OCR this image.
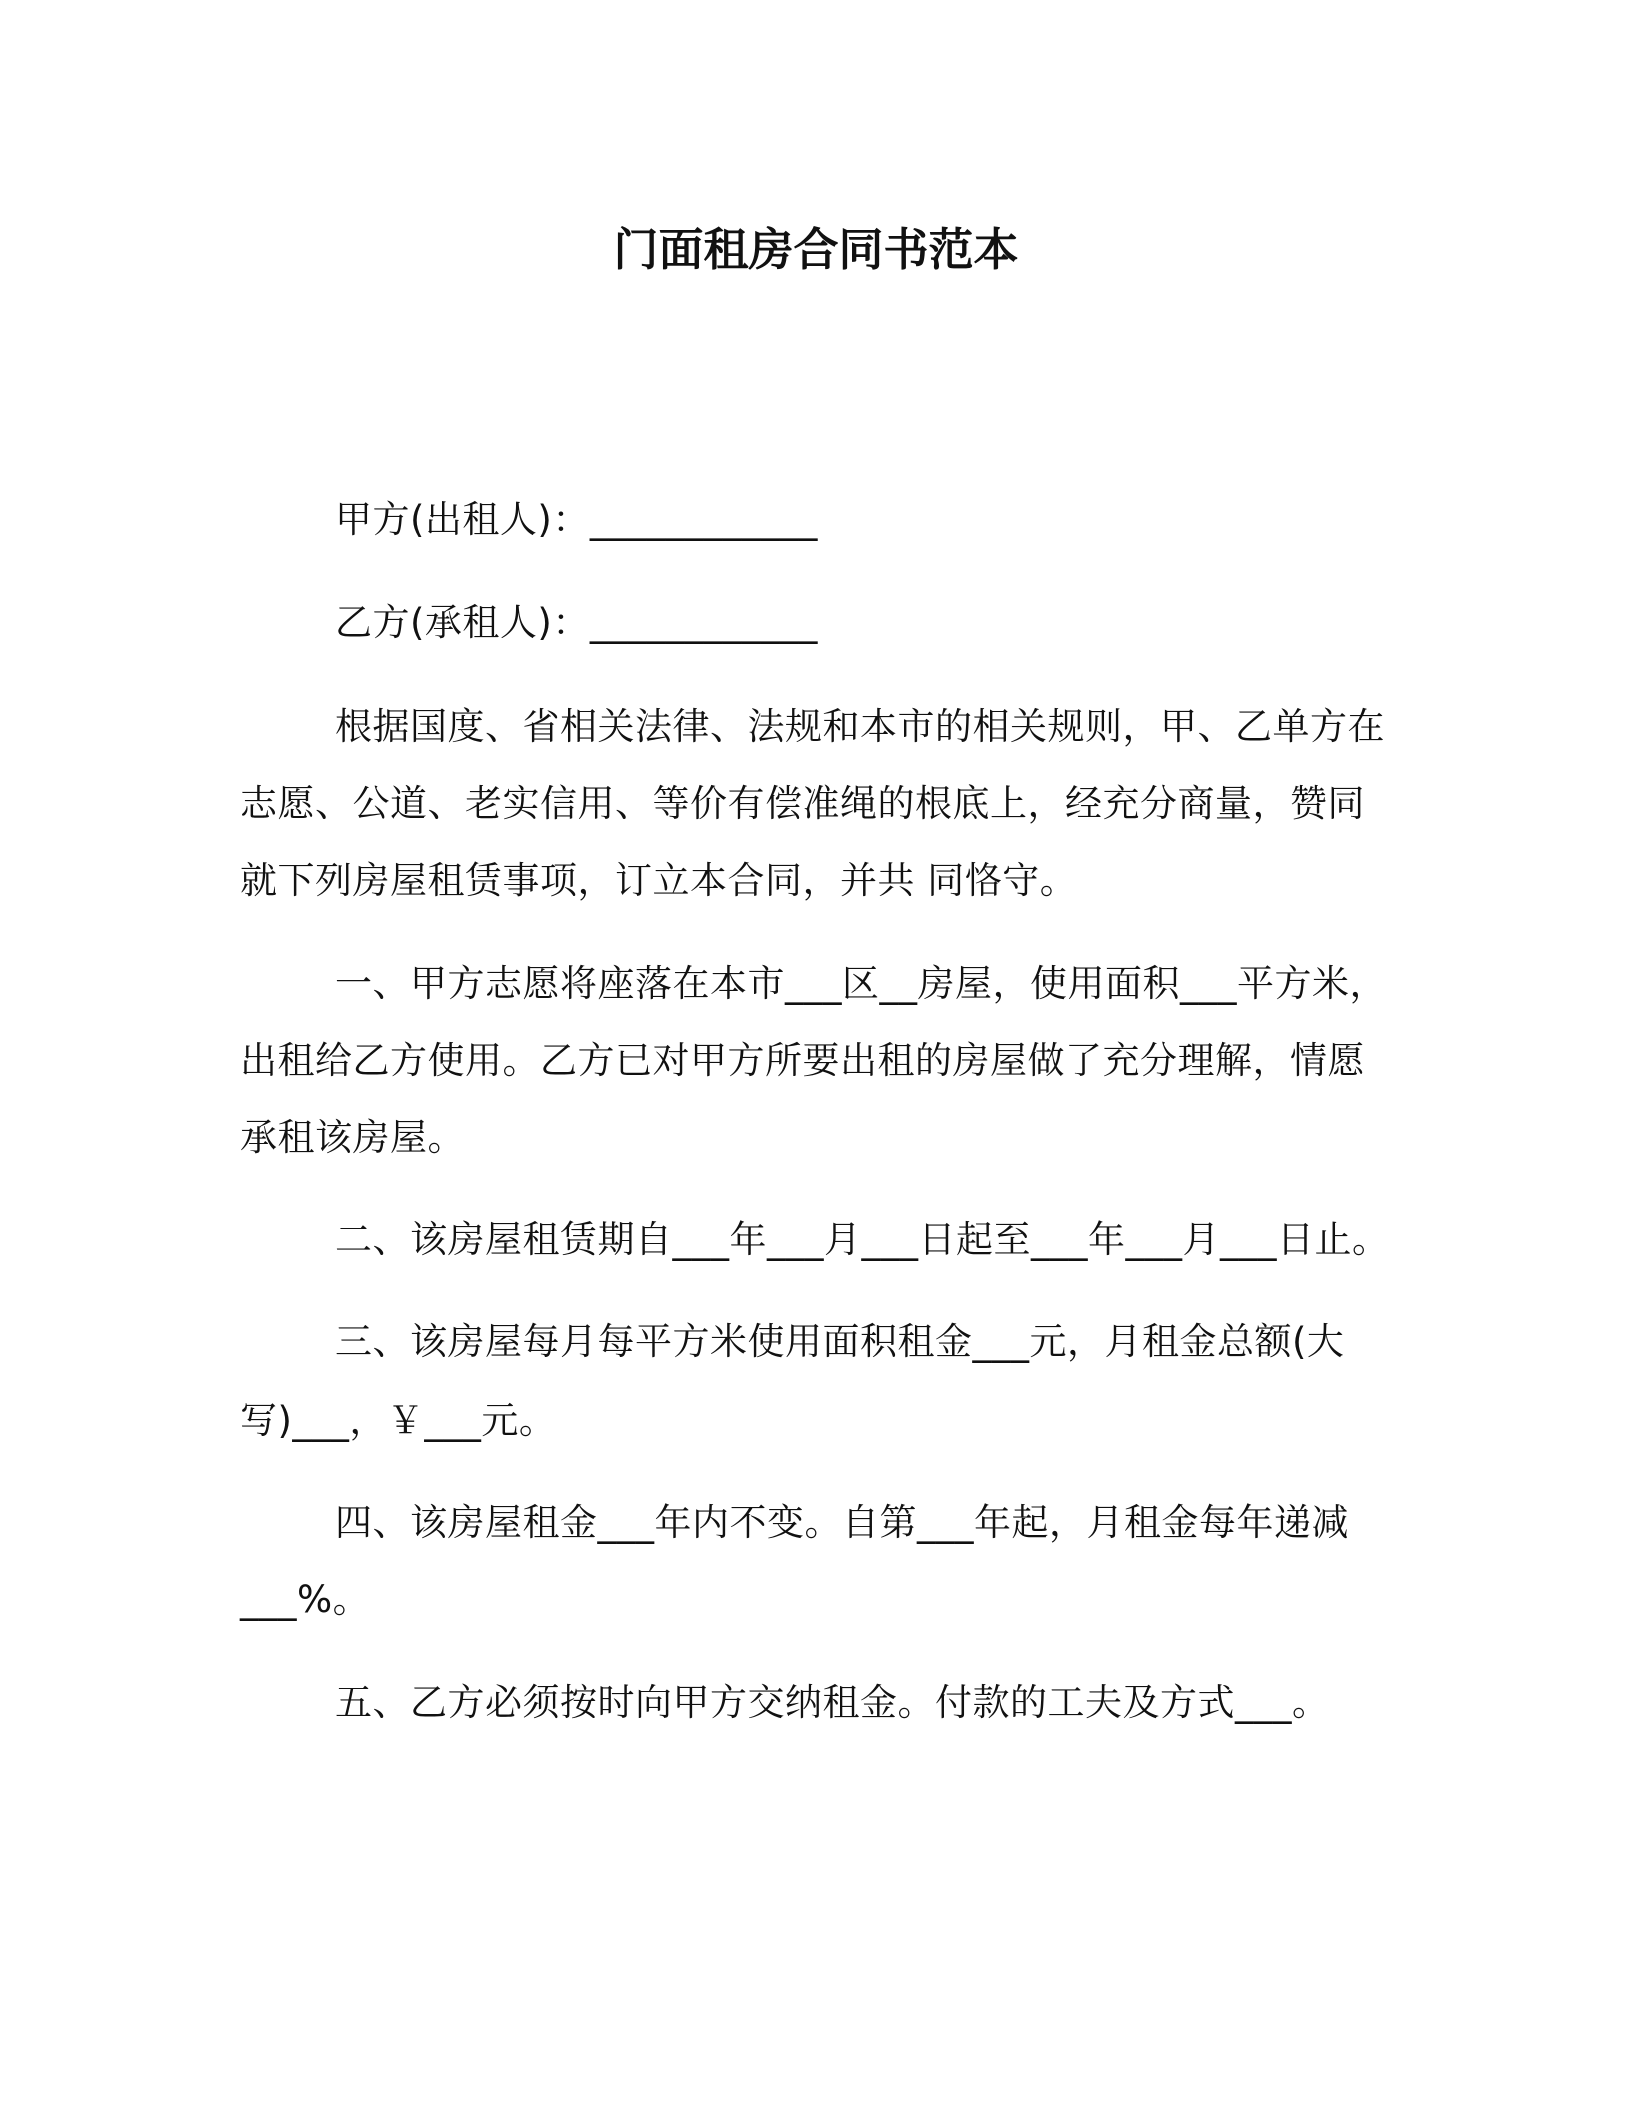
门面租房合同书范本
甲方(出租人)：____________
乙方(承租人)：____________
根据国度、省相关法律、法规和本市的相关规则，甲、乙单方在
志愿、公道、老实信用、等价有偿准绳的根底上，经充分商量，赞同
就下列房屋租赁事项，订立本合同，并共 同恪守。
一、甲方志愿将座落在本市___区__房屋，使用面积___平方米，
出租给乙方使用。乙方已对甲方所要出租的房屋做了充分理解，情愿
承租该房屋。
二、该房屋租赁期自___年___月___日起至___年___月___日止。
三、该房屋每月每平方米使用面积租金___元，月租金总额(大
写)___，￥___元。
四、该房屋租金___年内不变。自第___年起，月租金每年递减
___%。
五、乙方必须按时向甲方交纳租金。付款的工夫及方式___。
